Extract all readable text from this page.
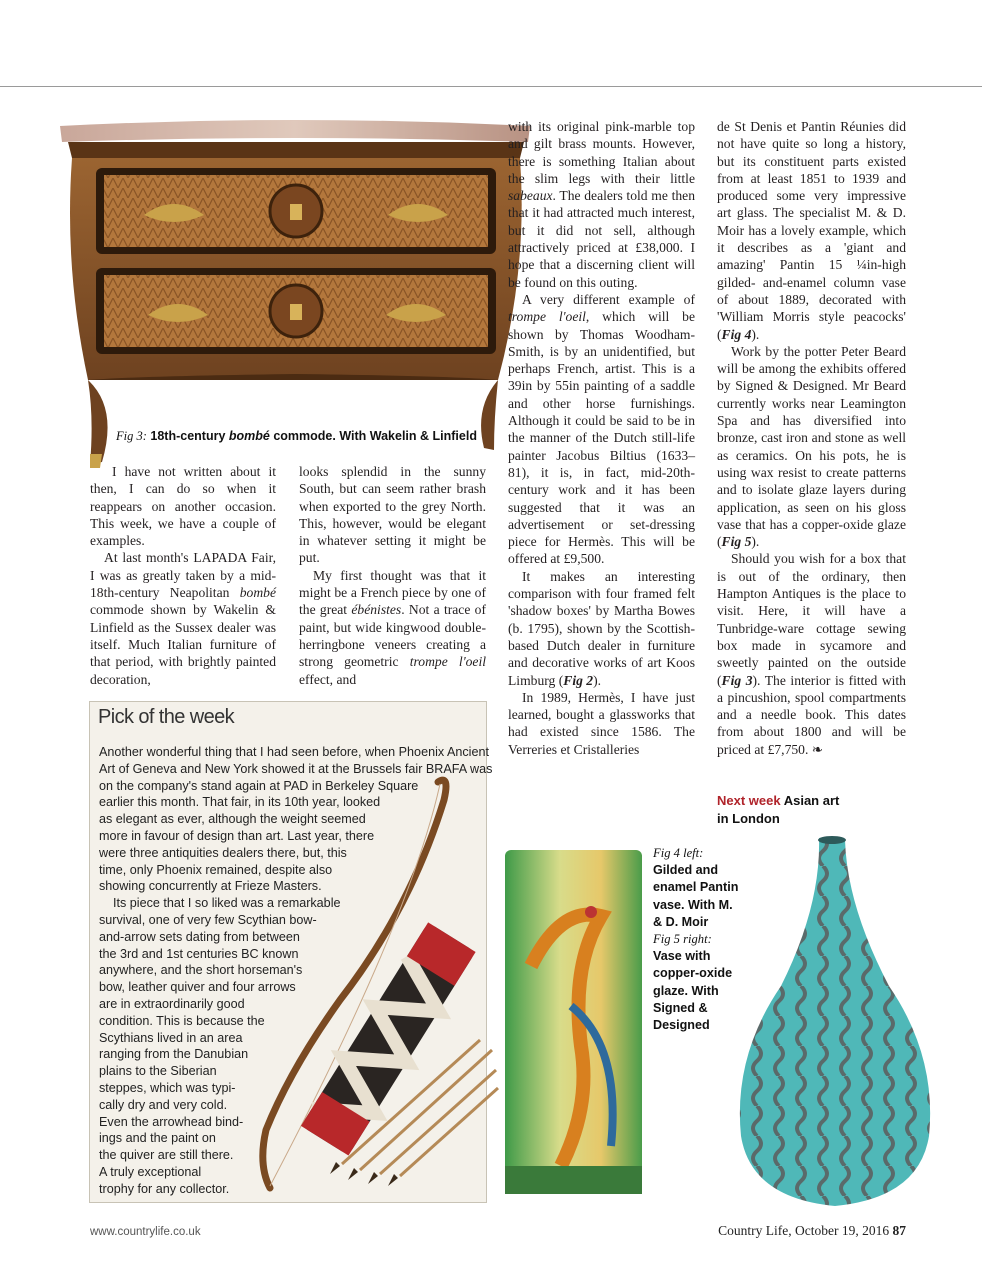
Fig 3: 18th-century bombé commode. With Wakelin & Linfield

I have not written about it then, I can do so when it reappears on another occasion. This week, we have a couple of examples.

At last month's LAPADA Fair, I was as greatly taken by a mid-18th-century Neapolitan bombé commode shown by Wakelin & Linfield as the Sussex dealer was itself. Much Italian furniture of that period, with brightly painted decoration,

looks splendid in the sunny South, but can seem rather brash when exported to the grey North. This, however, would be elegant in whatever setting it might be put.

My first thought was that it might be a French piece by one of the great ébénistes. Not a trace of paint, but wide kingwood double-herringbone veneers creating a strong geometric trompe l'oeil effect, and

with its original pink-marble top and gilt brass mounts. However, there is something Italian about the slim legs with their little sabeaux. The dealers told me then that it had attracted much interest, but it did not sell, although attractively priced at £38,000. I hope that a discerning client will be found on this outing.

A very different example of trompe l'oeil, which will be shown by Thomas Woodham-Smith, is by an unidentified, but perhaps French, artist. This is a 39in by 55in painting of a saddle and other horse furnishings. Although it could be said to be in the manner of the Dutch still-life painter Jacobus Biltius (1633–81), it is, in fact, mid-20th-century work and it has been suggested that it was an advertisement or set-dressing piece for Hermès. This will be offered at £9,500.

It makes an interesting comparison with four framed felt 'shadow boxes' by Martha Bowes (b. 1795), shown by the Scottish-based Dutch dealer in furniture and decorative works of art Koos Limburg (Fig 2).

In 1989, Hermès, I have just learned, bought a glassworks that had existed since 1586. The Verreries et Cristalleries

de St Denis et Pantin Réunies did not have quite so long a history, but its constituent parts existed from at least 1851 to 1939 and produced some very impressive art glass. The specialist M. & D. Moir has a lovely example, which it describes as a 'giant and amazing' Pantin 15 ¼in-high gilded- and-enamel column vase of about 1889, decorated with 'William Morris style peacocks' (Fig 4).

Work by the potter Peter Beard will be among the exhibits offered by Signed & Designed. Mr Beard currently works near Leamington Spa and has diversified into bronze, cast iron and stone as well as ceramics. On his pots, he is using wax resist to create patterns and to isolate glaze layers during application, as seen on his gloss vase that has a copper-oxide glaze (Fig 5).

Should you wish for a box that is out of the ordinary, then Hampton Antiques is the place to visit. Here, it will have a Tunbridge-ware cottage sewing box made in sycamore and sweetly painted on the outside (Fig 3). The interior is fitted with a pincushion, spool compartments and a needle book. This dates from about 1800 and will be priced at £7,750. ❧

Next week Asian art
in London
Pick of the week
Another wonderful thing that I had seen before, when Phoenix Ancient
Art of Geneva and New York showed it at the Brussels fair BRAFA was
on the company's stand again at PAD in Berkeley Square
earlier this month. That fair, in its 10th year, looked
as elegant as ever, although the weight seemed
more in favour of design than art. Last year, there
were three antiquities dealers there, but, this
time, only Phoenix remained, despite also
showing concurrently at Frieze Masters.
Its piece that I so liked was a remarkable
survival, one of very few Scythian bow-
and-arrow sets dating from between
the 3rd and 1st centuries BC known
anywhere, and the short horseman's
bow, leather quiver and four arrows
are in extraordinarily good
condition. This is because the
Scythians lived in an area
ranging from the Danubian
plains to the Siberian
steppes, which was typi-
cally dry and very cold.
Even the arrowhead bind-
ings and the paint on
the quiver are still there.
A truly exceptional
trophy for any collector.
Fig 4 left:
Gilded and enamel Pantin vase. With M. & D. Moir
Fig 5 right:
Vase with copper-oxide glaze. With Signed & Designed
www.countrylife.co.uk	Country Life, October 19, 2016 87
